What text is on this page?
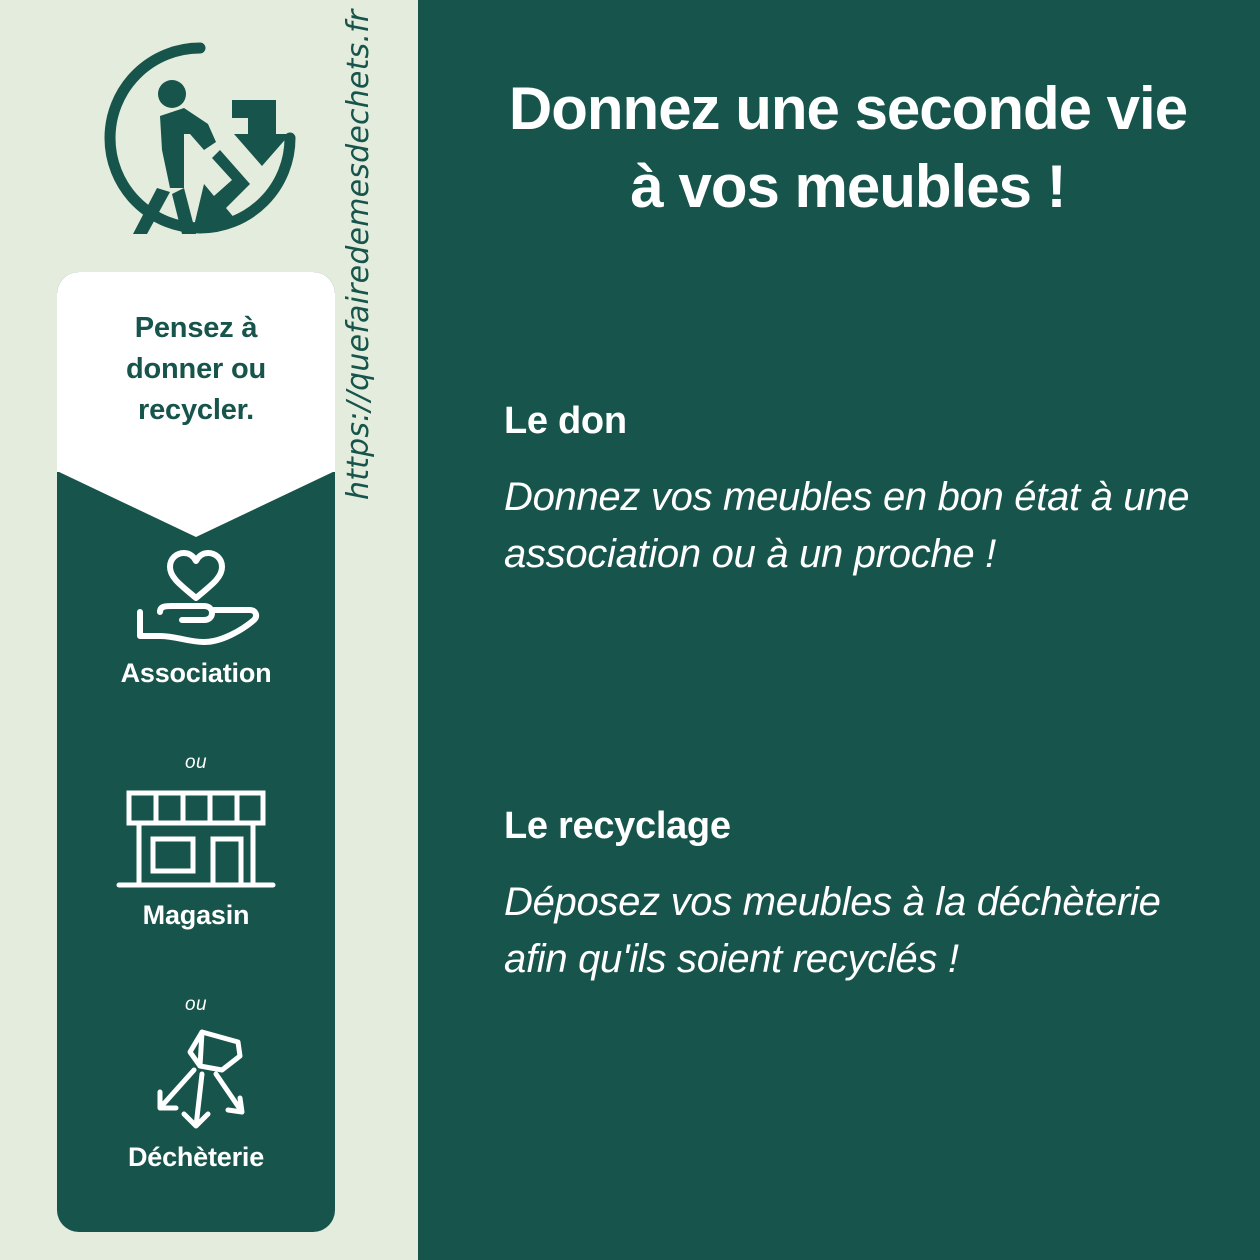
Pensez à
donner ou
recycler.
Association
ou
Magasin
ou
Déchèterie
https://quefairedemesdechets.fr	Donnez une seconde vie
à vos meubles !
Le don
Donnez vos meubles en bon état à une association ou à un proche !
Le recyclage
Déposez vos meubles à la déchèterie afin qu'ils soient recyclés !
